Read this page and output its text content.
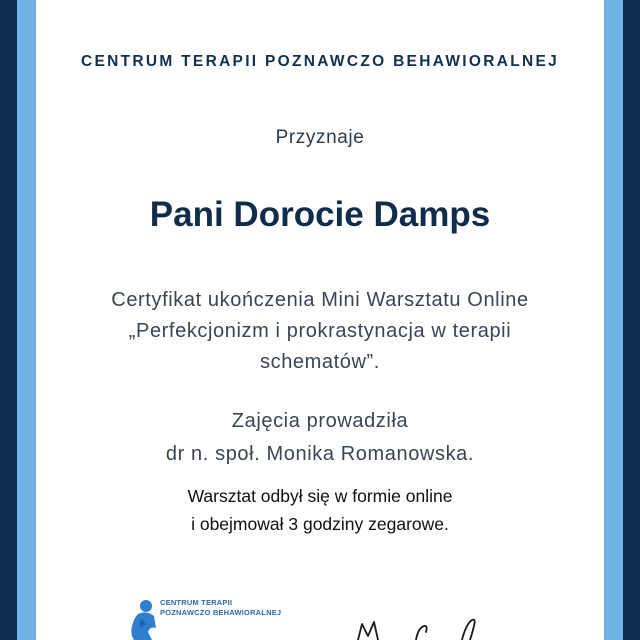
CENTRUM TERAPII POZNAWCZO BEHAWIORALNEJ
Przyznaje
Pani Dorocie Damps
Certyfikat ukończenia Mini Warsztatu Online
„Perfekcjonizm i prokrastynacja w terapii
schematów”.
Zajęcia prowadziła
dr n. społ. Monika Romanowska.
Warsztat odbył się w formie online
i obejmował 3 godziny zegarowe.
CENTRUM TERAPII
POZNAWCZO BEHAWIORALNEJ
